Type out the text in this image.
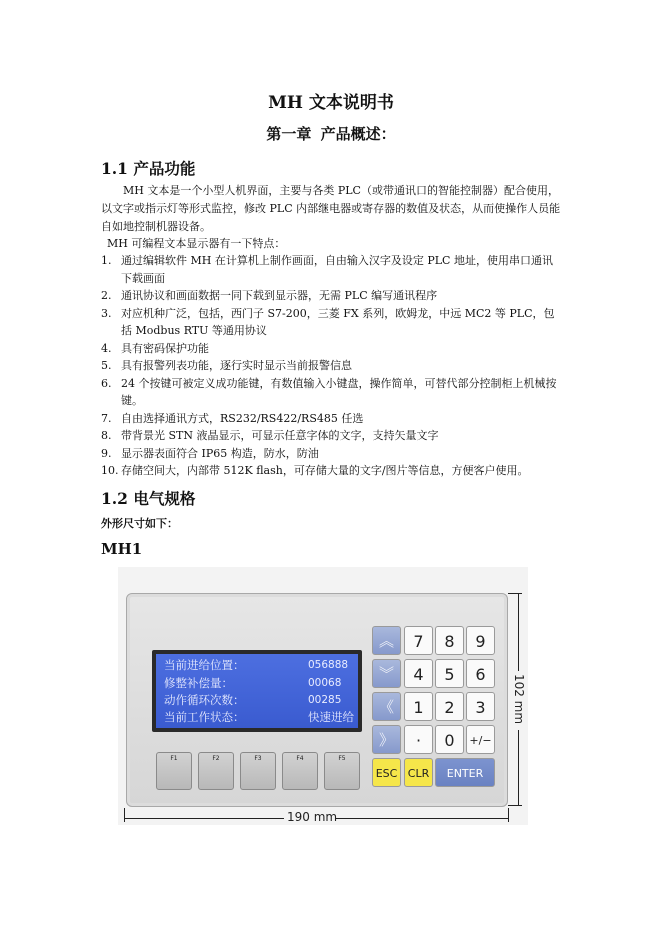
MH 文本说明书
第一章 产品概述：
1.1 产品功能
MH 文本是一个小型人机界面，主要与各类 PLC（或带通讯口的智能控制器）配合使用，以文字或指示灯等形式监控，修改 PLC 内部继电器或寄存器的数值及状态，从而使操作人员能自如地控制机器设备。
MH 可编程文本显示器有一下特点：
1. 通过编辑软件 MH 在计算机上制作画面，自由输入汉字及设定 PLC 地址，使用串口通讯下载画面
2. 通讯协议和画面数据一同下载到显示器，无需 PLC 编写通讯程序
3. 对应机种广泛，包括，西门子 S7-200，三菱 FX 系列，欧姆龙，中远 MC2 等 PLC，包括 Modbus RTU 等通用协议
4. 具有密码保护功能
5. 具有报警列表功能，逐行实时显示当前报警信息
6. 24 个按键可被定义成功能键，有数值输入小键盘，操作简单，可替代部分控制柜上机械按键。
7. 自由选择通讯方式，RS232/RS422/RS485 任选
8. 带背景光 STN 液晶显示，可显示任意字体的文字，支持矢量文字
9. 显示器表面符合 IP65 构造，防水，防油
10. 存储空间大，内部带 512K flash，可存储大量的文字/图片等信息，方便客户使用。
1.2 电气规格
外形尺寸如下：
MH1
当前进给位置：	056888
修整补偿量：	00068
动作循环次数：	00285
当前工作状态：	快速进给
F1	F2	F3	F4	F5
︽	7	8	9
︾	4	5	6
《	1	2	3
》	·	0	+/−
ESC CLR	ENTER
190 mm
102 mm
